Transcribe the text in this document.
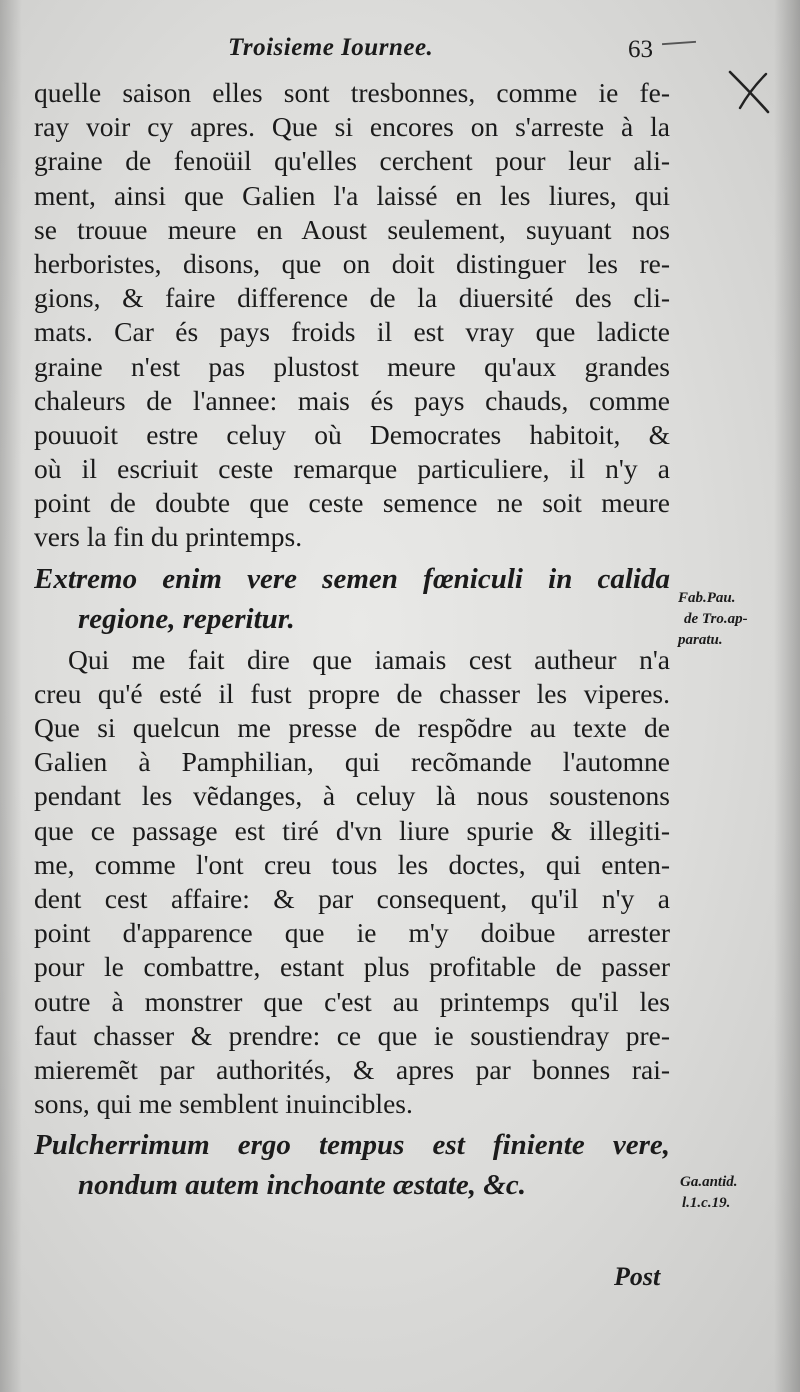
Troisieme Iournee.	63
quelle saison elles sont tresbonnes, comme ie fe-
ray voir cy apres. Que si encores on s'arreste à la
graine de fenoüil qu'elles cerchent pour leur ali-
ment, ainsi que Galien l'a laissé en les liures, qui
se trouue meure en Aoust seulement, suyuant nos
herboristes, disons, que on doit distinguer les re-
gions, & faire difference de la diuersité des cli-
mats. Car és pays froids il est vray que ladicte
graine n'est pas plustost meure qu'aux grandes
chaleurs de l'annee: mais és pays chauds, comme
pouuoit estre celuy où Democrates habitoit, &
où il escriuit ceste remarque particuliere, il n'y a
point de doubte que ceste semence ne soit meure
vers la fin du printemps.
Extremo enim vere semen fœniculi in calida
regione, reperitur.
Qui me fait dire que iamais cest autheur n'a
creu qu'é esté il fust propre de chasser les viperes.
Que si quelcun me presse de respõdre au texte de
Galien à Pamphilian, qui recõmande l'automne
pendant les vẽdanges, à celuy là nous soustenons
que ce passage est tiré d'vn liure spurie & illegiti-
me, comme l'ont creu tous les doctes, qui enten-
dent cest affaire: & par consequent, qu'il n'y a
point d'apparence que ie m'y doibue arrester
pour le combattre, estant plus profitable de passer
outre à monstrer que c'est au printemps qu'il les
faut chasser & prendre: ce que ie soustiendray pre-
mieremẽt par authorités, & apres par bonnes rai-
sons, qui me semblent inuincibles.
Pulcherrimum ergo tempus est finiente vere,
nondum autem inchoante æstate, &c.
Fab.Pau.
de Tro.ap-
paratu.
Ga.antid.
l.1.c.19.
Post
